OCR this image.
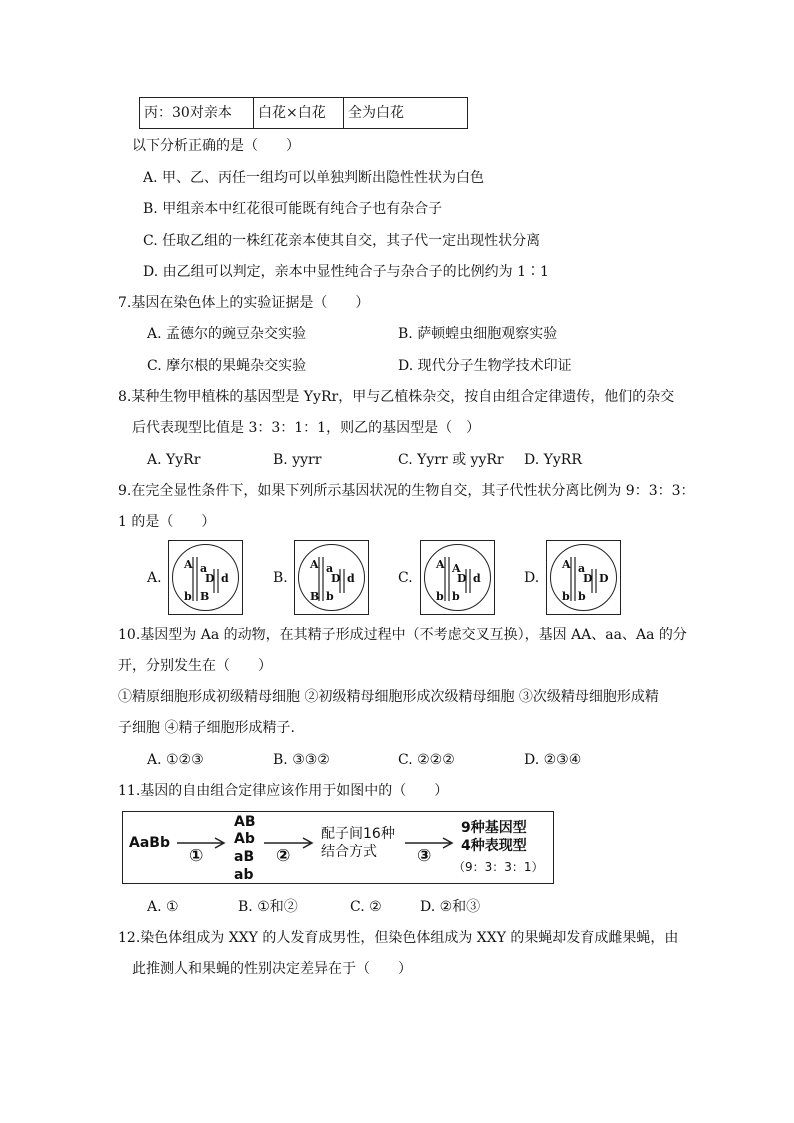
丙：30对亲本	白花×白花	全为白花
以下分析正确的是（　　）
A. 甲、乙、丙任一组均可以单独判断出隐性性状为白色
B. 甲组亲本中红花很可能既有纯合子也有杂合子
C. 任取乙组的一株红花亲本使其自交，其子代一定出现性状分离
D. 由乙组可以判定，亲本中显性纯合子与杂合子的比例约为 1∶1
7.基因在染色体上的实验证据是（　　）
A. 孟德尔的豌豆杂交实验	B. 萨顿蝗虫细胞观察实验
C. 摩尔根的果蝇杂交实验	D. 现代分子生物学技术印证
8.某种生物甲植株的基因型是 YyRr，甲与乙植株杂交，按自由组合定律遗传，他们的杂交
后代表现型比值是 3：3：1：1，则乙的基因型是（　）
A. YyRr	B. yyrr	C. Yyrr 或 yyRr D. YyRR
9.在完全显性条件下，如果下列所示基因状况的生物自交，其子代性状分离比例为 9：3：3：
1 的是（　　）
A.
A a
D d
b B
B.
A a
D d
B b
C.
A A
D d
b b
D.
A a
D D
b b
10.基因型为 Aa 的动物，在其精子形成过程中（不考虑交叉互换），基因 AA、aa、Aa 的分
开，分别发生在（　　）
①精原细胞形成初级精母细胞 ②初级精母细胞形成次级精母细胞 ③次级精母细胞形成精
子细胞 ④精子细胞形成精子.
A. ①②③	B. ③③②	C. ②②②	D. ②③④
11.基因的自由组合定律应该作用于如图中的（　　）
AaBb
①
AB
Ab
aB
ab
②
配子间16种
结合方式 ③
9种基因型
4种表现型
（9：3：3：1）
A. ①	B. ①和②	C. ②	D. ②和③
12.染色体组成为 XXY 的人发育成男性，但染色体组成为 XXY 的果蝇却发育成雌果蝇，由
此推测人和果蝇的性别决定差异在于（　　）
